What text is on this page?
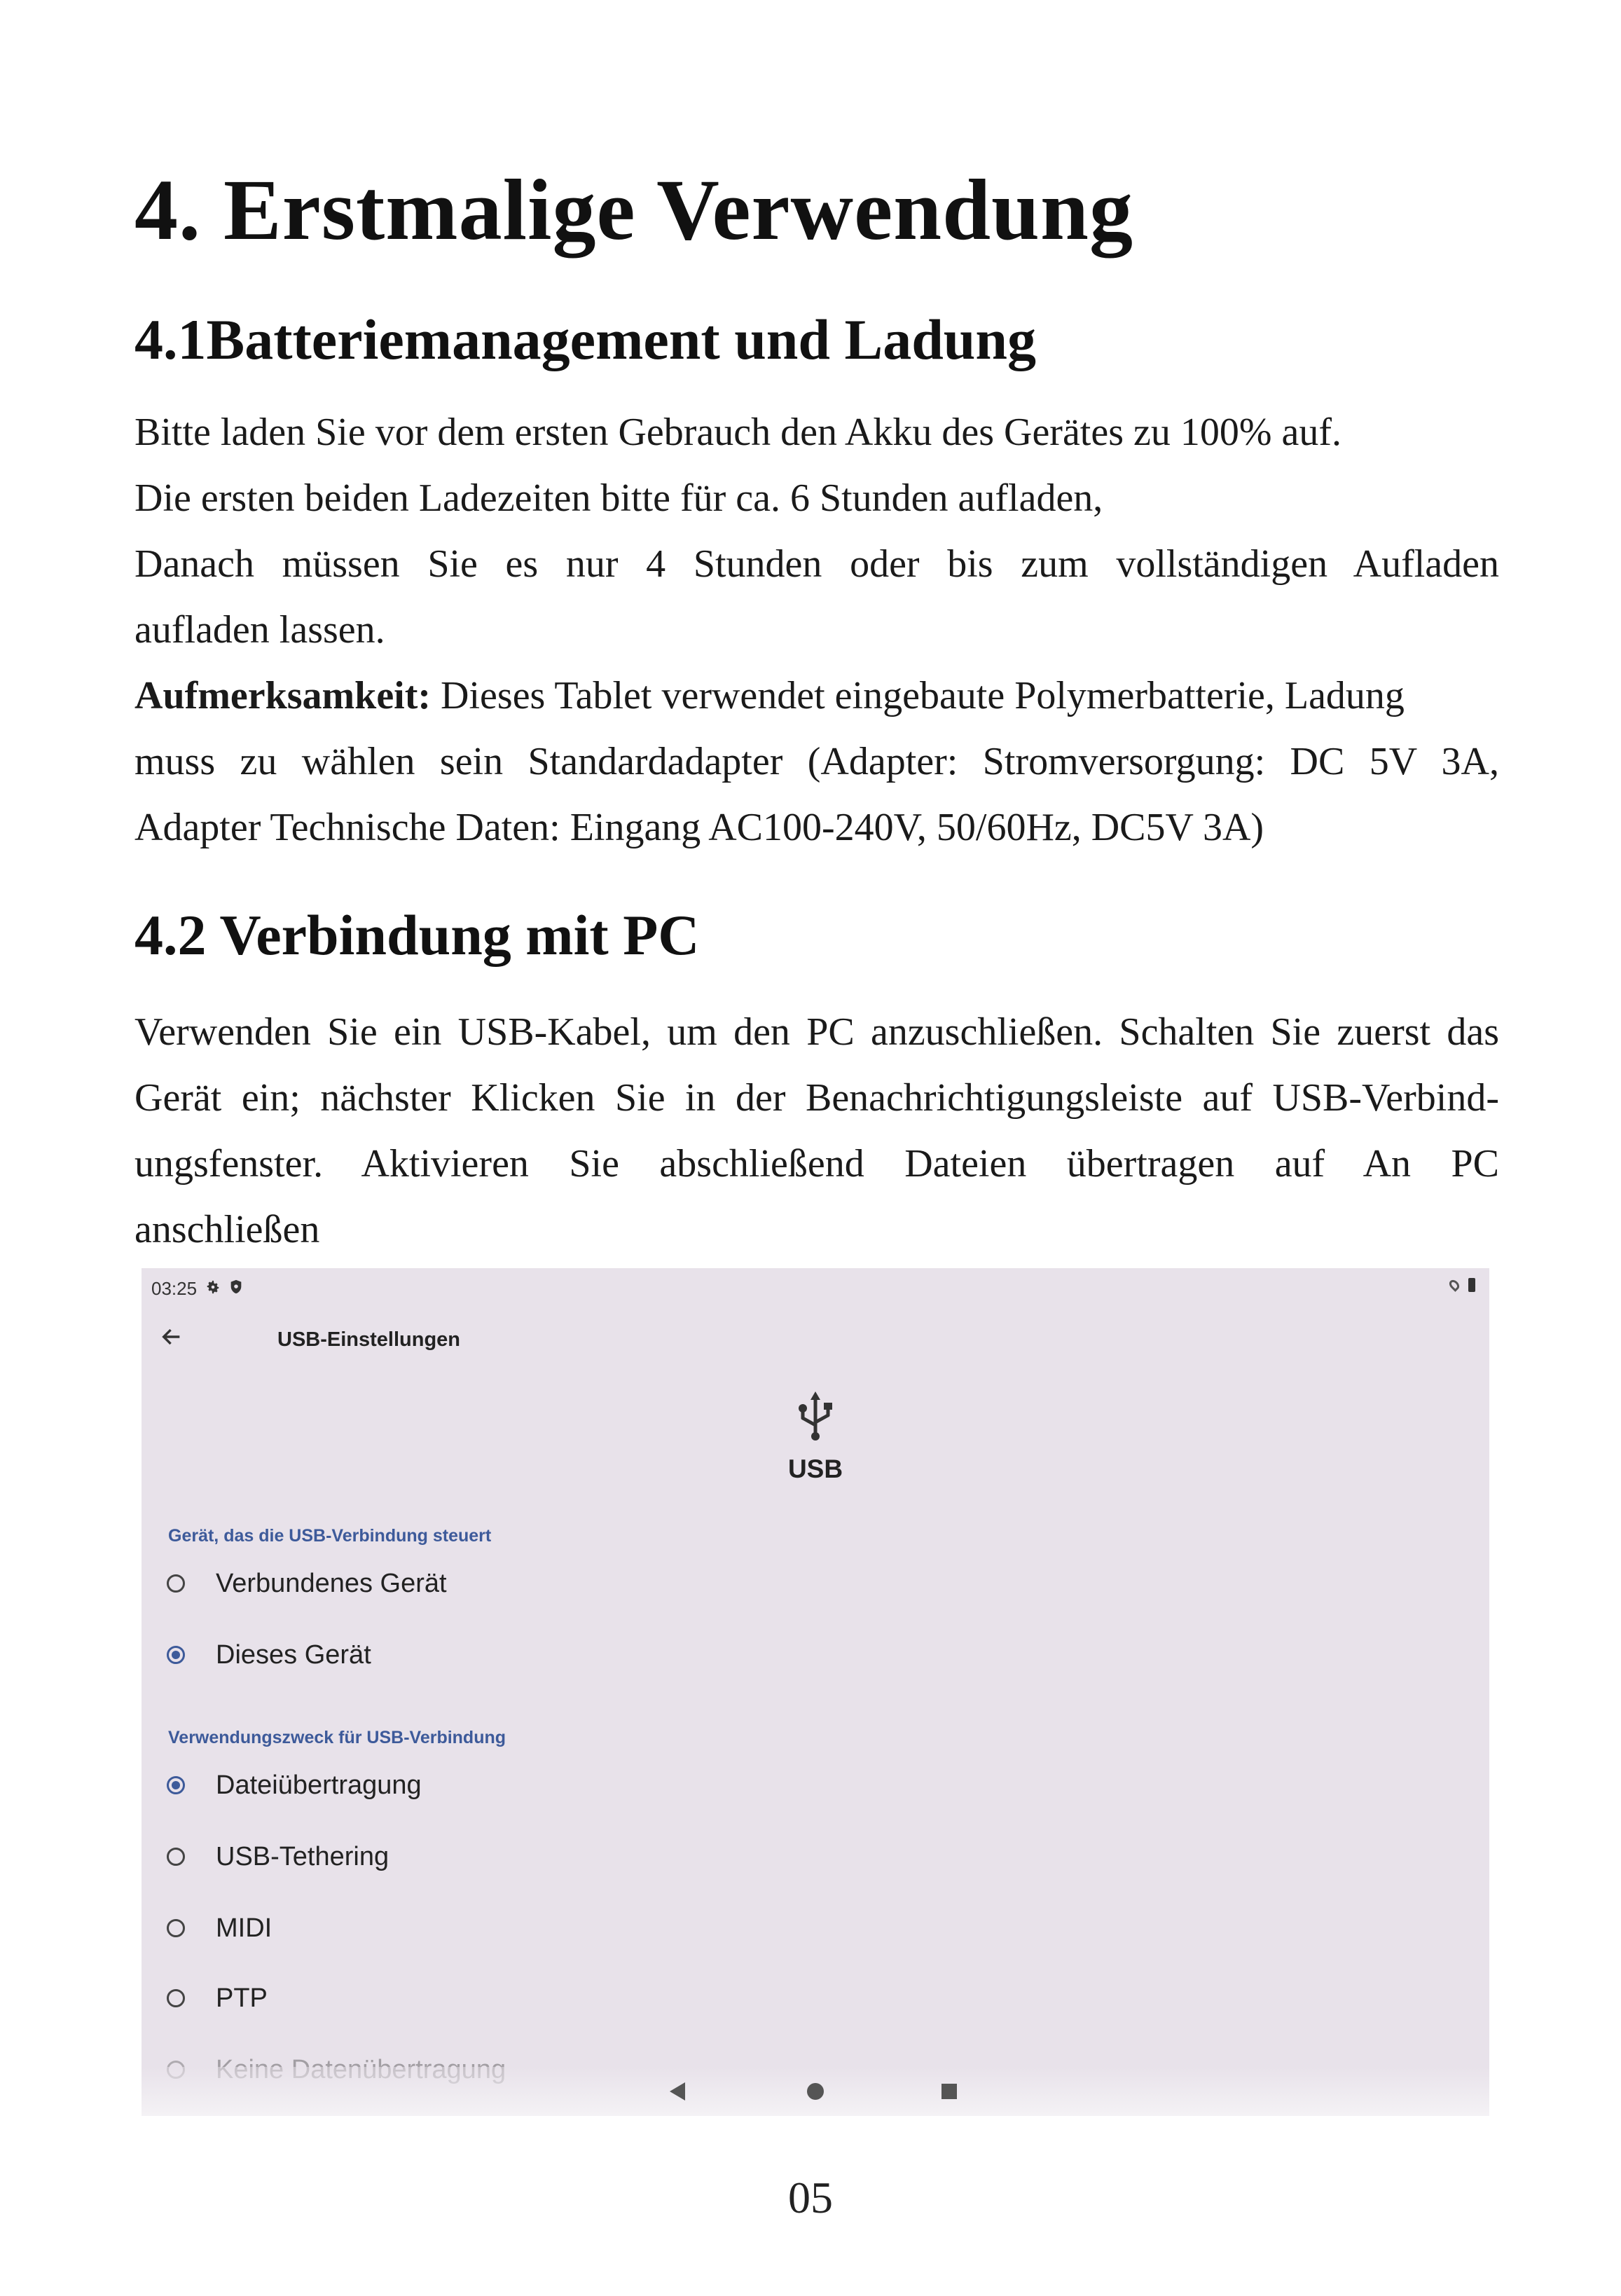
4. Erstmalige Verwendung
4.1Batteriemanagement und Ladung
Bitte laden Sie vor dem ersten Gebrauch den Akku des Gerätes zu 100% auf.
Die ersten beiden Ladezeiten bitte für ca. 6 Stunden aufladen,
Danach müssen Sie es nur 4 Stunden oder bis zum vollständigen Aufladen
aufladen lassen.
Aufmerksamkeit: Dieses Tablet verwendet eingebaute Polymerbatterie, Ladung
muss zu wählen sein Standardadapter (Adapter: Stromversorgung: DC 5V 3A,
Adapter Technische Daten: Eingang AC100-240V, 50/60Hz, DC5V 3A)
4.2 Verbindung mit PC
Verwenden Sie ein USB-Kabel, um den PC anzuschließen. Schalten Sie zuerst das
Gerät ein; nächster Klicken Sie in der Benachrichtigungsleiste auf USB-Verbind-
ungsfenster. Aktivieren Sie abschließend Dateien übertragen auf An PC
anschließen
03:25
USB-Einstellungen
USB
Gerät, das die USB-Verbindung steuert
Verbundenes Gerät
Dieses Gerät
Verwendungszweck für USB-Verbindung
Dateiübertragung
USB-Tethering
MIDI
PTP
05
